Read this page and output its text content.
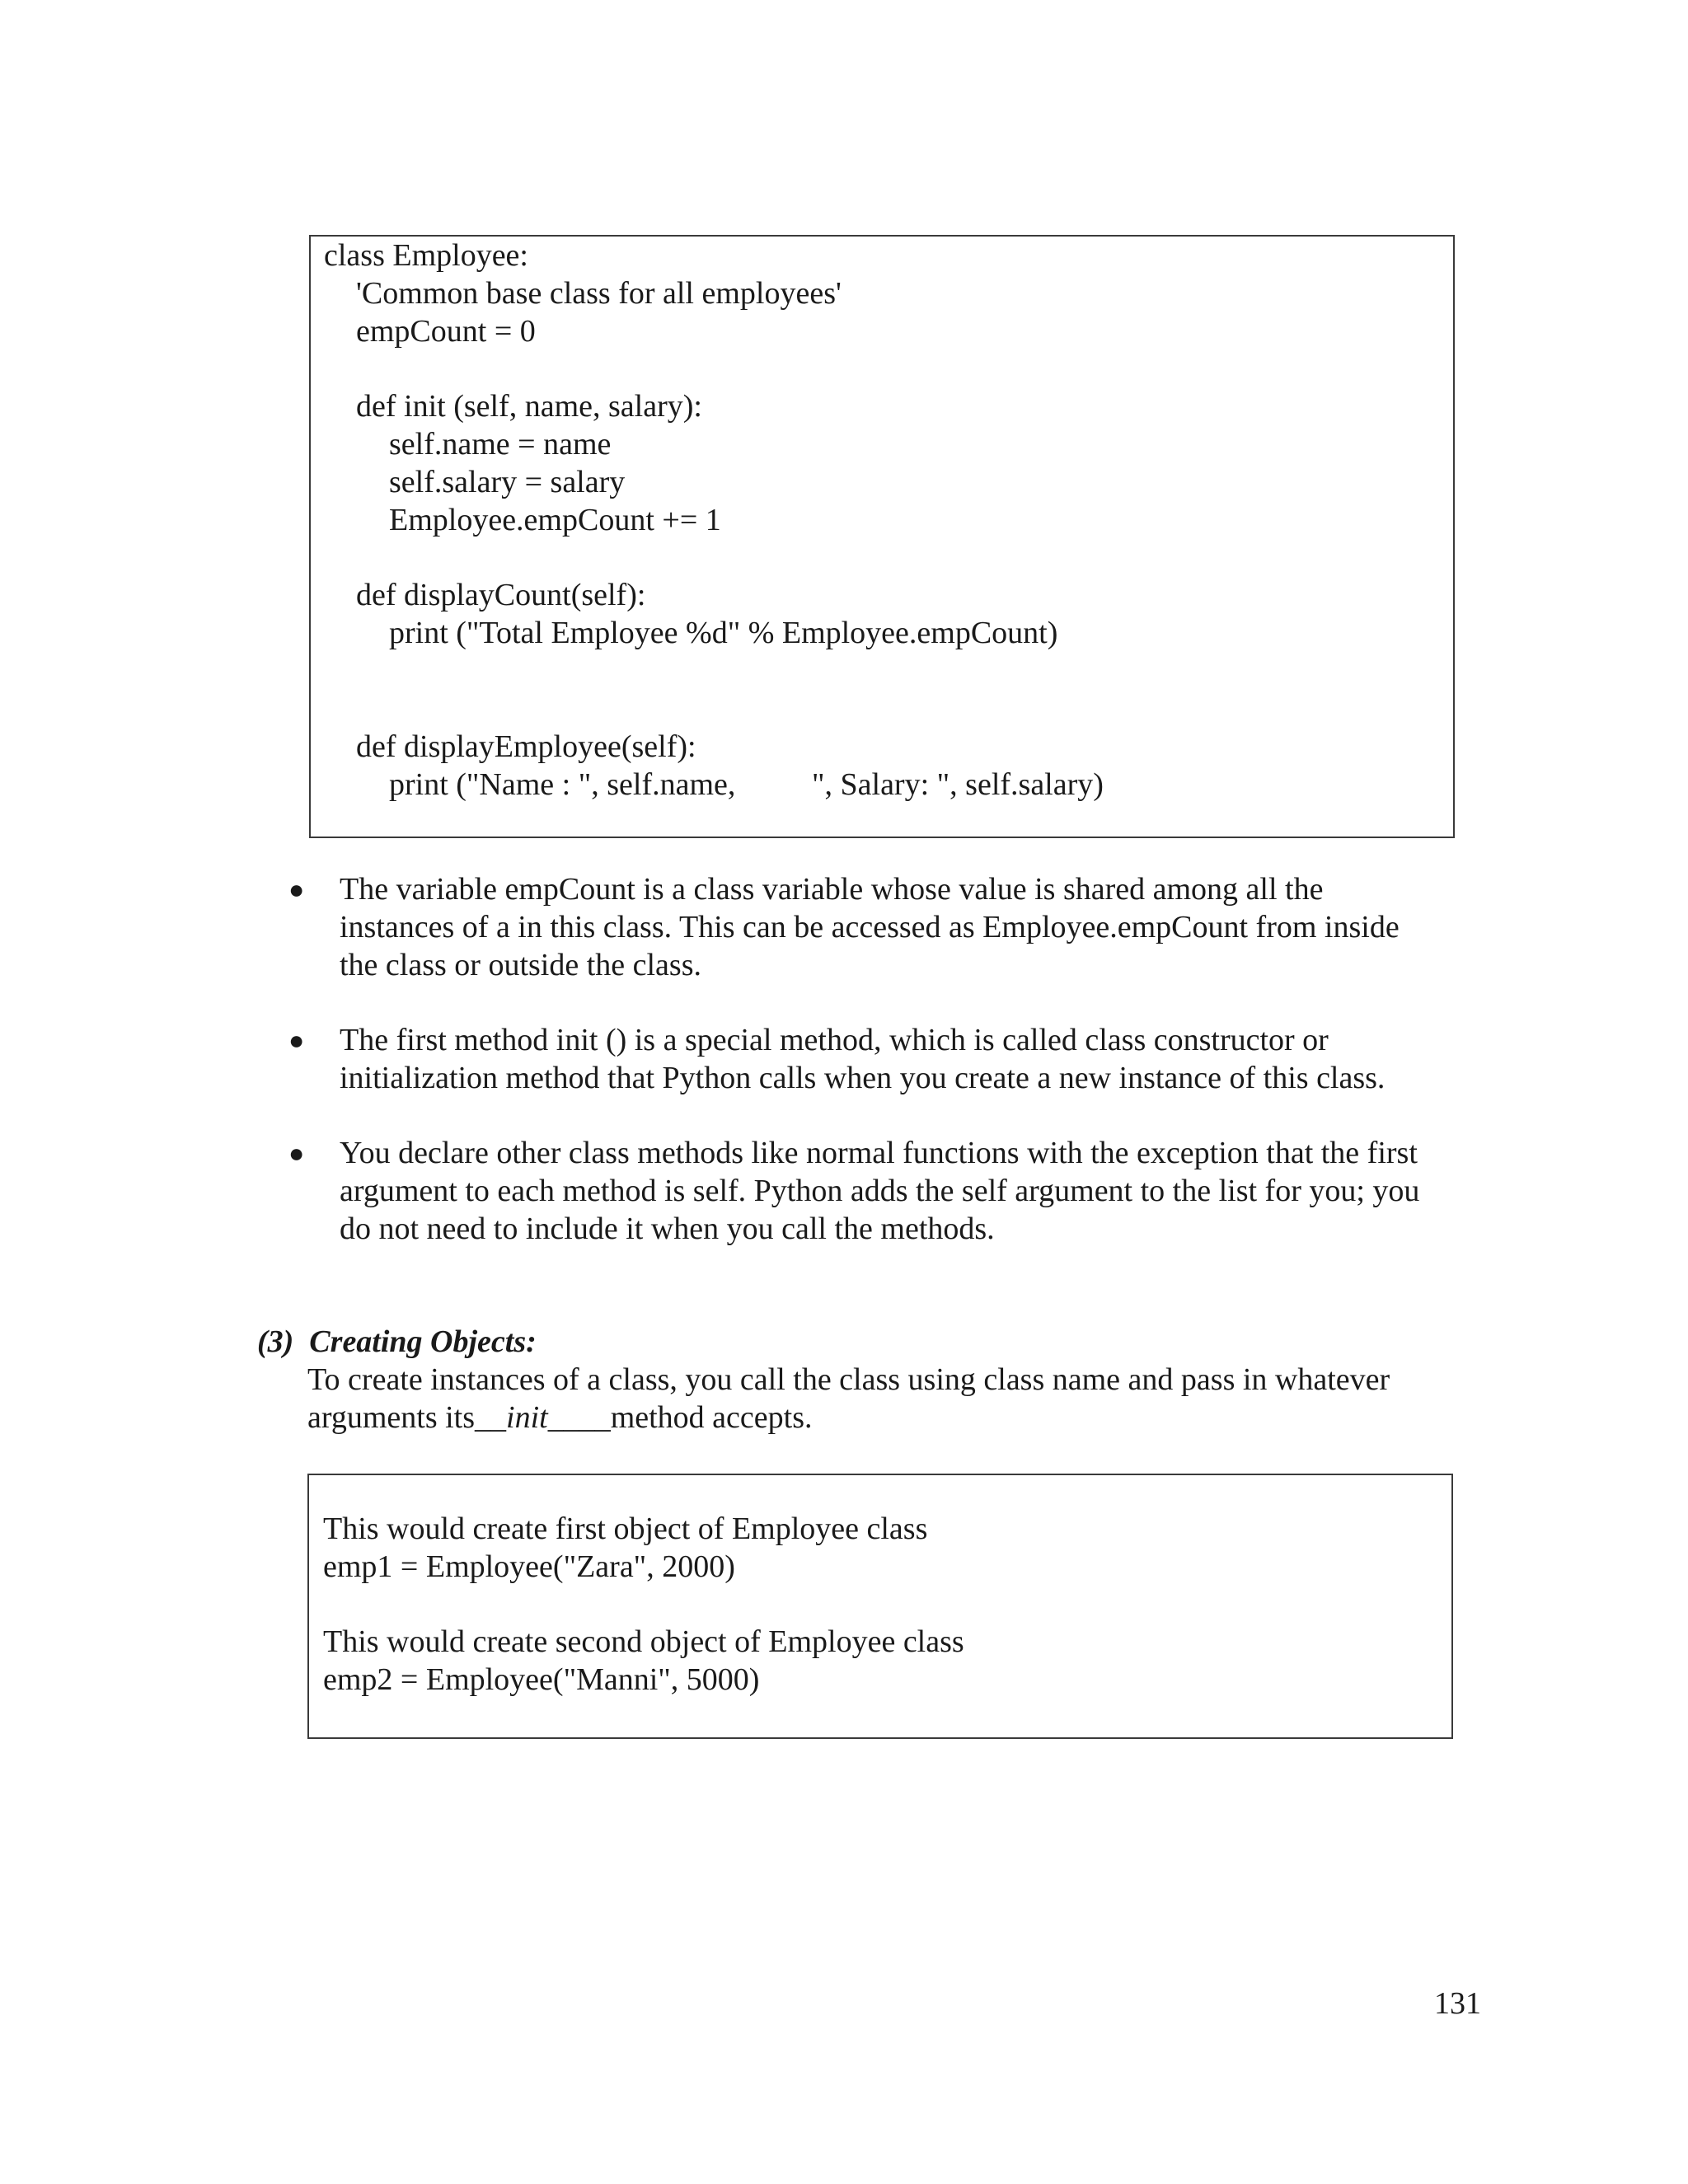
class Employee:
'Common base class for all employees'
empCount = 0
def init (self, name, salary):
self.name = name
self.salary = salary
Employee.empCount += 1
def displayCount(self):
print ("Total Employee %d" % Employee.empCount)
def displayEmployee(self):
print ("Name : ", self.name, ", Salary: ", self.salary)
● The variable empCount is a class variable whose value is shared among all the
instances of a in this class. This can be accessed as Employee.empCount from inside
the class or outside the class.
● The first method init () is a special method, which is called class constructor or
initialization method that Python calls when you create a new instance of this class.
● You declare other class methods like normal functions with the exception that the first
argument to each method is self. Python adds the self argument to the list for you; you
do not need to include it when you call the methods.
(3)  Creating Objects:
To create instances of a class, you call the class using class name and pass in whatever
arguments its__init____method accepts.
This would create first object of Employee class
emp1 = Employee("Zara", 2000)
This would create second object of Employee class
emp2 = Employee("Manni", 5000)
131
